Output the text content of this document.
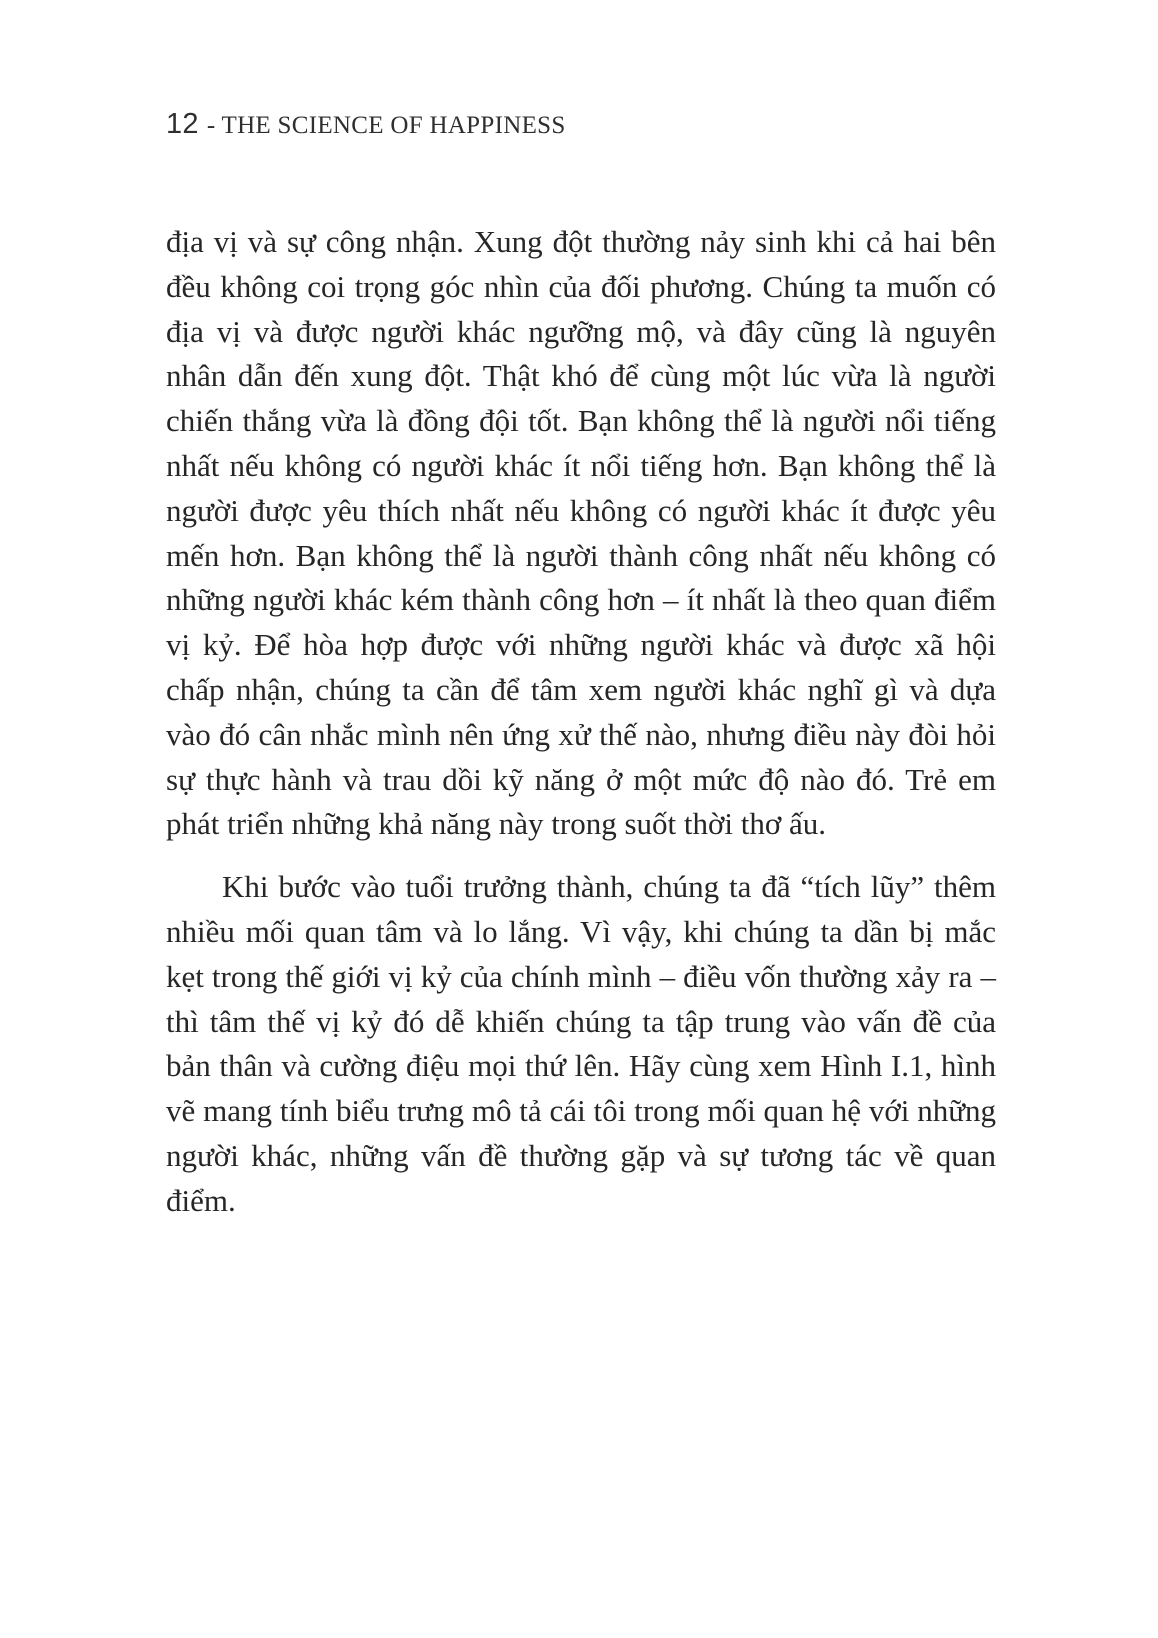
12 - THE SCIENCE OF HAPPINESS

địa vị và sự công nhận. Xung đột thường nảy sinh khi cả hai bên đều không coi trọng góc nhìn của đối phương. Chúng ta muốn có địa vị và được người khác ngưỡng mộ, và đây cũng là nguyên nhân dẫn đến xung đột. Thật khó để cùng một lúc vừa là người chiến thắng vừa là đồng đội tốt. Bạn không thể là người nổi tiếng nhất nếu không có người khác ít nổi tiếng hơn. Bạn không thể là người được yêu thích nhất nếu không có người khác ít được yêu mến hơn. Bạn không thể là người thành công nhất nếu không có những người khác kém thành công hơn – ít nhất là theo quan điểm vị kỷ. Để hòa hợp được với những người khác và được xã hội chấp nhận, chúng ta cần để tâm xem người khác nghĩ gì và dựa vào đó cân nhắc mình nên ứng xử thế nào, nhưng điều này đòi hỏi sự thực hành và trau dồi kỹ năng ở một mức độ nào đó. Trẻ em phát triển những khả năng này trong suốt thời thơ ấu.

Khi bước vào tuổi trưởng thành, chúng ta đã “tích lũy” thêm nhiều mối quan tâm và lo lắng. Vì vậy, khi chúng ta dần bị mắc kẹt trong thế giới vị kỷ của chính mình – điều vốn thường xảy ra – thì tâm thế vị kỷ đó dễ khiến chúng ta tập trung vào vấn đề của bản thân và cường điệu mọi thứ lên. Hãy cùng xem Hình I.1, hình vẽ mang tính biểu trưng mô tả cái tôi trong mối quan hệ với những người khác, những vấn đề thường gặp và sự tương tác về quan điểm.
